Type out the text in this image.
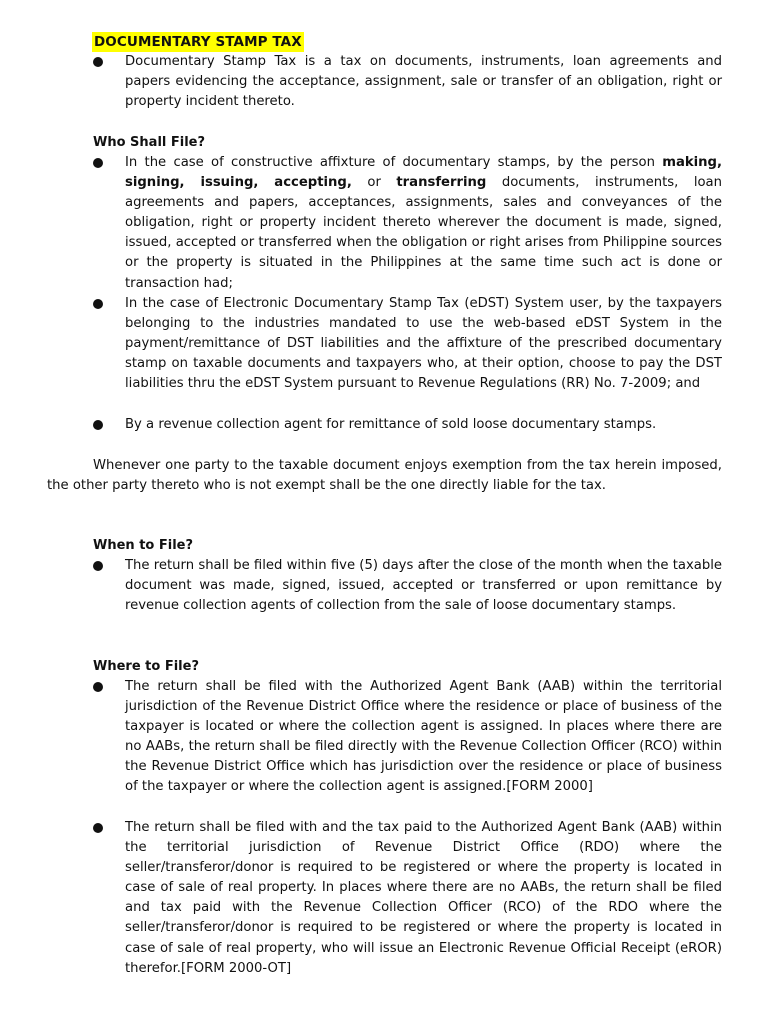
DOCUMENTARY STAMP TAX
Documentary Stamp Tax is a tax on documents, instruments, loan agreements and papers evidencing the acceptance, assignment, sale or transfer of an obligation, right or property incident thereto.
Who Shall File?
In the case of constructive affixture of documentary stamps, by the person making, signing, issuing, accepting, or transferring documents, instruments, loan agreements and papers, acceptances, assignments, sales and conveyances of the obligation, right or property incident thereto wherever the document is made, signed, issued, accepted or transferred when the obligation or right arises from Philippine sources or the property is situated in the Philippines at the same time such act is done or transaction had;
In the case of Electronic Documentary Stamp Tax (eDST) System user, by the taxpayers belonging to the industries mandated to use the web-based eDST System in the payment/remittance of DST liabilities and the affixture of the prescribed documentary stamp on taxable documents and taxpayers who, at their option, choose to pay the DST liabilities thru the eDST System pursuant to Revenue Regulations (RR) No. 7-2009; and
By a revenue collection agent for remittance of sold loose documentary stamps.
Whenever one party to the taxable document enjoys exemption from the tax herein imposed, the other party thereto who is not exempt shall be the one directly liable for the tax.
When to File?
The return shall be filed within five (5) days after the close of the month when the taxable document was made, signed, issued, accepted or transferred or upon remittance by revenue collection agents of collection from the sale of loose documentary stamps.
Where to File?
The return shall be filed with the Authorized Agent Bank (AAB) within the territorial jurisdiction of the Revenue District Office where the residence or place of business of the taxpayer is located or where the collection agent is assigned. In places where there are no AABs, the return shall be filed directly with the Revenue Collection Officer (RCO) within the Revenue District Office which has jurisdiction over the residence or place of business of the taxpayer or where the collection agent is assigned.[FORM 2000]
The return shall be filed with and the tax paid to the Authorized Agent Bank (AAB) within the territorial jurisdiction of Revenue District Office (RDO) where the seller/transferor/donor is required to be registered or where the property is located in case of sale of real property. In places where there are no AABs, the return shall be filed and tax paid with the Revenue Collection Officer (RCO) of the RDO where the seller/transferor/donor is required to be registered or where the property is located in case of sale of real property, who will issue an Electronic Revenue Official Receipt (eROR) therefor.[FORM 2000-OT]
